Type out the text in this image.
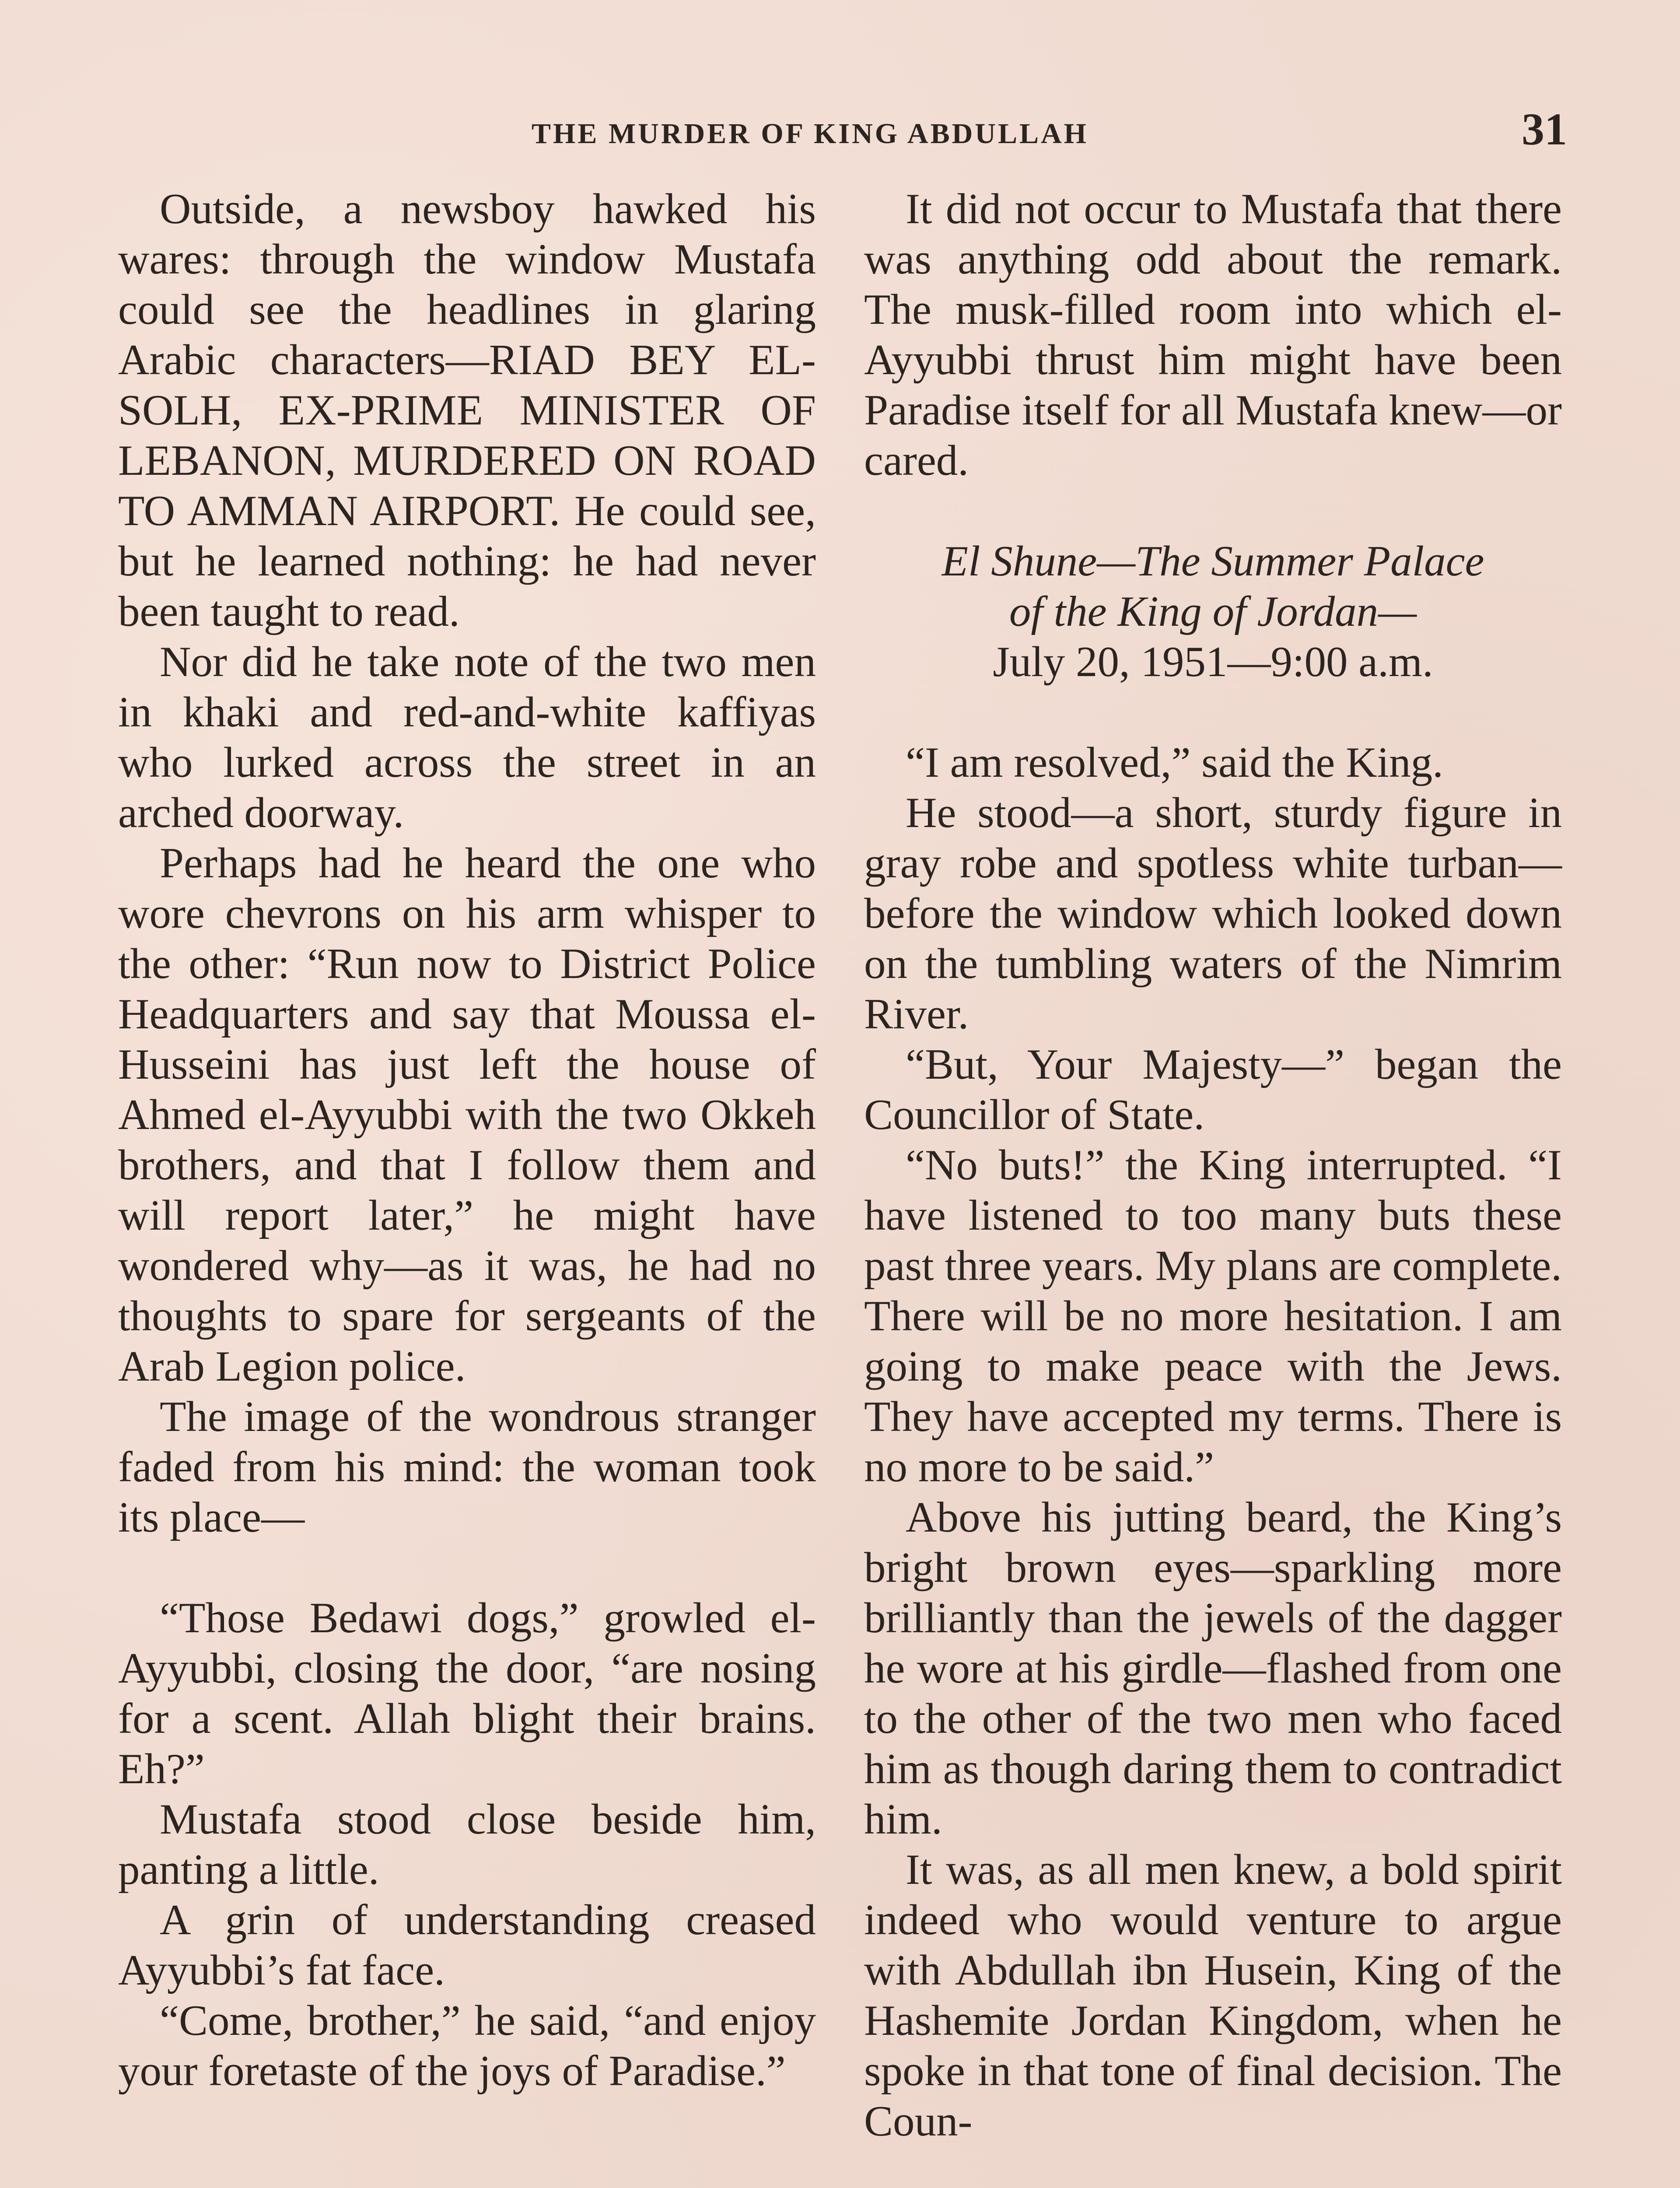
THE MURDER OF KING ABDULLAH	31

Outside, a newsboy hawked his wares: through the window Mustafa could see the headlines in glaring Arabic characters—RIAD BEY EL-SOLH, EX-PRIME MINISTER OF LEBANON, MURDERED ON ROAD TO AMMAN AIRPORT. He could see, but he learned nothing: he had never been taught to read.

Nor did he take note of the two men in khaki and red-and-white kaffiyas who lurked across the street in an arched doorway.

Perhaps had he heard the one who wore chevrons on his arm whisper to the other: “Run now to District Police Headquarters and say that Moussa el-Husseini has just left the house of Ahmed el-Ayyubbi with the two Okkeh brothers, and that I follow them and will report later,” he might have wondered why—as it was, he had no thoughts to spare for sergeants of the Arab Legion police.

The image of the wondrous stranger faded from his mind: the woman took its place—

“Those Bedawi dogs,” growled el-Ayyubbi, closing the door, “are nosing for a scent. Allah blight their brains. Eh?”

Mustafa stood close beside him, panting a little.

A grin of understanding creased Ayyubbi’s fat face.

“Come, brother,” he said, “and enjoy your foretaste of the joys of Paradise.”

It did not occur to Mustafa that there was anything odd about the remark. The musk-filled room into which el-Ayyubbi thrust him might have been Paradise itself for all Mustafa knew—or cared.

El Shune—The Summer Palace
of the King of Jordan—
July 20, 1951—9:00 a.m.

“I am resolved,” said the King.

He stood—a short, sturdy figure in gray robe and spotless white turban—before the window which looked down on the tumbling waters of the Nimrim River.

“But, Your Majesty—” began the Councillor of State.

“No buts!” the King interrupted. “I have listened to too many buts these past three years. My plans are complete. There will be no more hesitation. I am going to make peace with the Jews. They have accepted my terms. There is no more to be said.”

Above his jutting beard, the King’s bright brown eyes—sparkling more brilliantly than the jewels of the dagger he wore at his girdle—flashed from one to the other of the two men who faced him as though daring them to contradict him.

It was, as all men knew, a bold spirit indeed who would venture to argue with Abdullah ibn Husein, King of the Hashemite Jordan Kingdom, when he spoke in that tone of final decision. The Coun-
